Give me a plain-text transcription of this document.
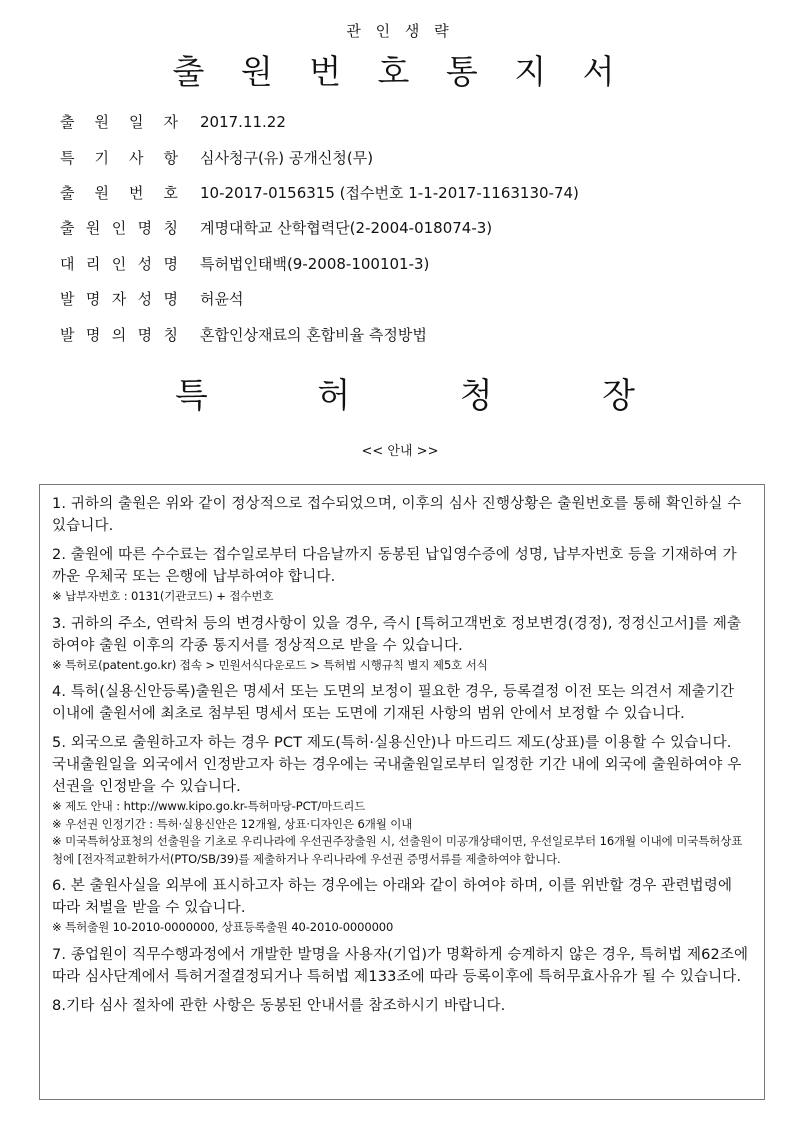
관 인 생 략
출 원 번 호 통 지 서
출 원 일 자 2017.11.22
특 기 사 항 심사청구(유) 공개신청(무)
출 원 번 호 10-2017-0156315 (접수번호 1-1-2017-1163130-74)
출 원 인 명 칭 계명대학교 산학협력단(2-2004-018074-3)
대 리 인 성 명 특허법인태백(9-2008-100101-3)
발 명 자 성 명 허윤석
발 명 의 명 칭 혼합인상재료의 혼합비율 측정방법
특	허	청	장
<< 안내 >>
1. 귀하의 출원은 위와 같이 정상적으로 접수되었으며, 이후의 심사 진행상황은 출원번호를 통해 확인하실 수 있습니다.
2. 출원에 따른 수수료는 접수일로부터 다음날까지 동봉된 납입영수증에 성명, 납부자번호 등을 기재하여 가까운 우체국 또는 은행에 납부하여야 합니다.
※ 납부자번호 : 0131(기관코드) + 접수번호
3. 귀하의 주소, 연락처 등의 변경사항이 있을 경우, 즉시 [특허고객번호 정보변경(경정), 정정신고서]를 제출하여야 출원 이후의 각종 통지서를 정상적으로 받을 수 있습니다.
※ 특허로(patent.go.kr) 접속 > 민원서식다운로드 > 특허법 시행규칙 별지 제5호 서식
4. 특허(실용신안등록)출원은 명세서 또는 도면의 보정이 필요한 경우, 등록결정 이전 또는 의견서 제출기간 이내에 출원서에 최초로 첨부된 명세서 또는 도면에 기재된 사항의 범위 안에서 보정할 수 있습니다.
5. 외국으로 출원하고자 하는 경우 PCT 제도(특허·실용신안)나 마드리드 제도(상표)를 이용할 수 있습니다. 국내출원일을 외국에서 인정받고자 하는 경우에는 국내출원일로부터 일정한 기간 내에 외국에 출원하여야 우선권을 인정받을 수 있습니다.
※ 제도 안내 : http://www.kipo.go.kr-특허마당-PCT/마드리드
※ 우선권 인정기간 : 특허·실용신안은 12개월, 상표·디자인은 6개월 이내
※ 미국특허상표청의 선출원을 기초로 우리나라에 우선권주장출원 시, 선출원이 미공개상태이면, 우선일로부터 16개월 이내에 미국특허상표청에 [전자적교환허가서(PTO/SB/39)를 제출하거나 우리나라에 우선권 증명서류를 제출하여야 합니다.
6. 본 출원사실을 외부에 표시하고자 하는 경우에는 아래와 같이 하여야 하며, 이를 위반할 경우 관련법령에 따라 처벌을 받을 수 있습니다.
※ 특허출원 10-2010-0000000, 상표등록출원 40-2010-0000000
7. 종업원이 직무수행과정에서 개발한 발명을 사용자(기업)가 명확하게 승계하지 않은 경우, 특허법 제62조에 따라 심사단계에서 특허거절결정되거나 특허법 제133조에 따라 등록이후에 특허무효사유가 될 수 있습니다.
8.기타 심사 절차에 관한 사항은 동봉된 안내서를 참조하시기 바랍니다.
